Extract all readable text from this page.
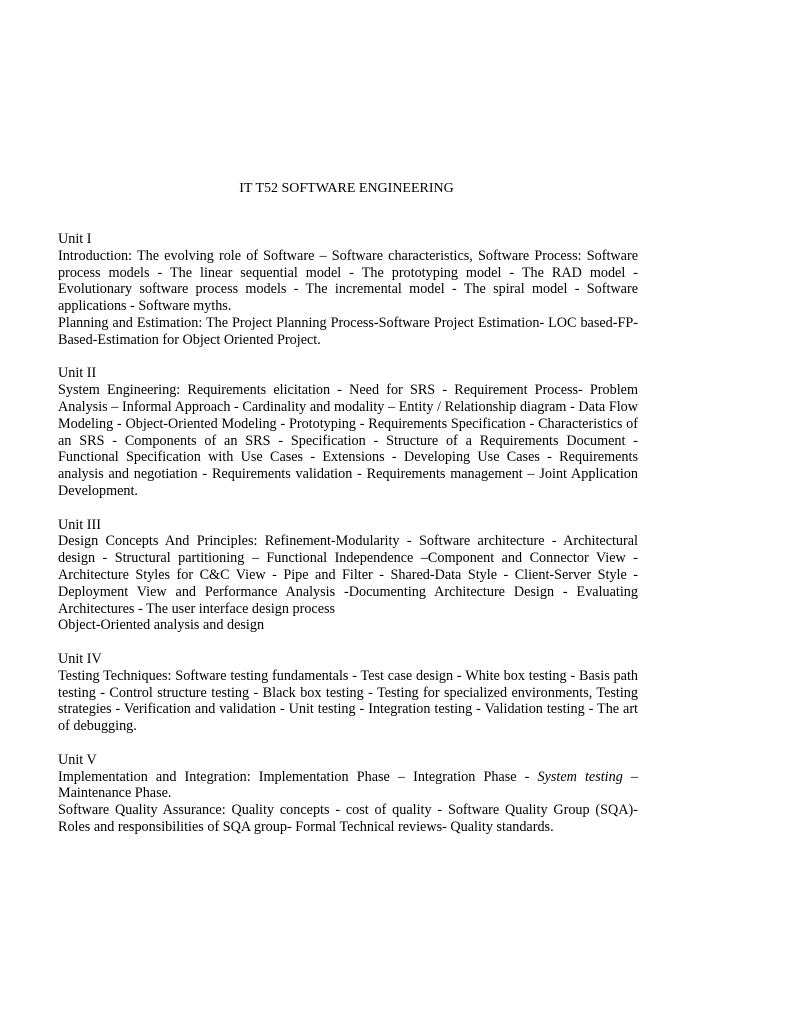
IT T52 SOFTWARE ENGINEERING
Unit I

Introduction: The evolving role of Software – Software characteristics, Software Process: Software process models - The linear sequential model - The prototyping model - The RAD model - Evolutionary software process models - The incremental model - The spiral model - Software applications - Software myths.

Planning and Estimation: The Project Planning Process-Software Project Estimation- LOC based-FP- Based-Estimation for Object Oriented Project.

Unit II

System Engineering: Requirements elicitation - Need for SRS - Requirement Process- Problem Analysis – Informal Approach - Cardinality and modality – Entity / Relationship diagram - Data Flow Modeling - Object-Oriented Modeling - Prototyping - Requirements Specification - Characteristics of an SRS - Components of an SRS - Specification - Structure of a Requirements Document - Functional Specification with Use Cases - Extensions - Developing Use Cases - Requirements analysis and negotiation - Requirements validation - Requirements management – Joint Application Development.

Unit III

Design Concepts And Principles: Refinement-Modularity - Software architecture - Architectural design - Structural partitioning – Functional Independence –Component and Connector View - Architecture Styles for C&C View - Pipe and Filter - Shared-Data Style - Client-Server Style - Deployment View and Performance Analysis -Documenting Architecture Design - Evaluating Architectures - The user interface design process

Object-Oriented analysis and design

Unit IV

Testing Techniques: Software testing fundamentals - Test case design - White box testing - Basis path testing - Control structure testing - Black box testing - Testing for specialized environments, Testing strategies - Verification and validation - Unit testing - Integration testing - Validation testing - The art of debugging.

Unit V

Implementation and Integration: Implementation Phase – Integration Phase - System testing – Maintenance Phase.

Software Quality Assurance: Quality concepts - cost of quality - Software Quality Group (SQA)-Roles and responsibilities of SQA group- Formal Technical reviews- Quality standards.
